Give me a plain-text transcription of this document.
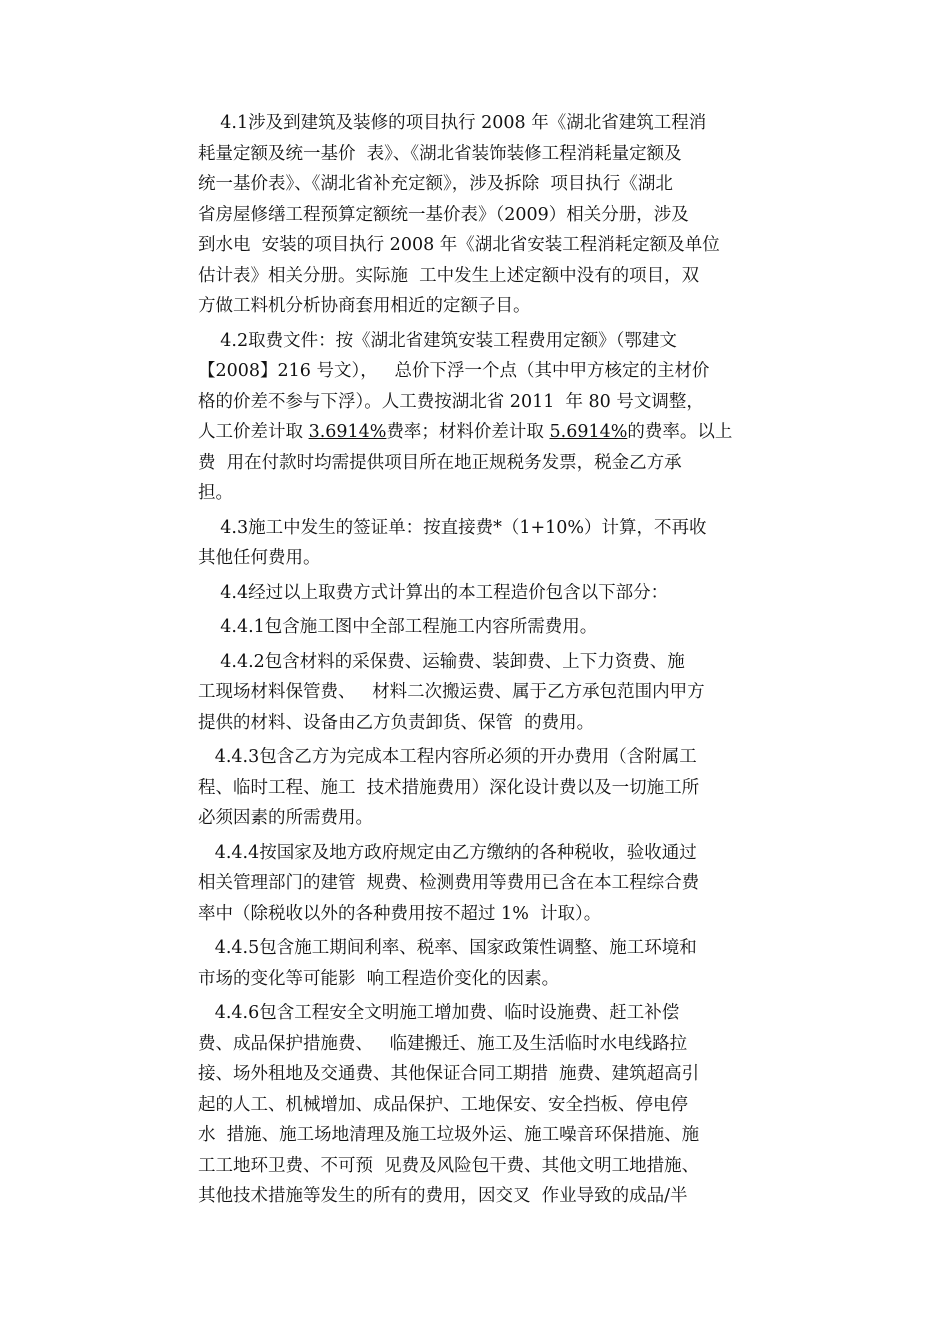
4.1涉及到建筑及装修的项目执行 2008 年《湖北省建筑工程消
耗量定额及统一基价  表》、《湖北省装饰装修工程消耗量定额及
统一基价表》、《湖北省补充定额》，涉及拆除  项目执行《湖北
省房屋修缮工程预算定额统一基价表》（2009）相关分册，涉及
到水电  安装的项目执行 2008 年《湖北省安装工程消耗定额及单位
估计表》相关分册。实际施  工中发生上述定额中没有的项目，双
方做工料机分析协商套用相近的定额子目。
4.2取费文件：按《湖北省建筑安装工程费用定额》（鄂建文
【2008】216 号文），   总价下浮一个点（其中甲方核定的主材价
格的价差不参与下浮）。人工费按湖北省 2011  年 80 号文调整，
人工价差计取 3.6914%费率；材料价差计取 5.6914%的费率。以上
费  用在付款时均需提供项目所在地正规税务发票，税金乙方承
担。
4.3施工中发生的签证单：按直接费*（1+10%）计算，不再收
其他任何费用。
4.4经过以上取费方式计算出的本工程造价包含以下部分：
4.4.1包含施工图中全部工程施工内容所需费用。
4.4.2包含材料的采保费、运输费、装卸费、上下力资费、施
工现场材料保管费、   材料二次搬运费、属于乙方承包范围内甲方
提供的材料、设备由乙方负责卸货、保管  的费用。
4.4.3包含乙方为完成本工程内容所必须的开办费用（含附属工
程、临时工程、施工  技术措施费用）深化设计费以及一切施工所
必须因素的所需费用。
4.4.4按国家及地方政府规定由乙方缴纳的各种税收，验收通过
相关管理部门的建管  规费、检测费用等费用已含在本工程综合费
率中（除税收以外的各种费用按不超过 1%  计取）。
4.4.5包含施工期间利率、税率、国家政策性调整、施工环境和
市场的变化等可能影  响工程造价变化的因素。
4.4.6包含工程安全文明施工增加费、临时设施费、赶工补偿
费、成品保护措施费、   临建搬迁、施工及生活临时水电线路拉
接、场外租地及交通费、其他保证合同工期措  施费、建筑超高引
起的人工、机械增加、成品保护、工地保安、安全挡板、停电停
水  措施、施工场地清理及施工垃圾外运、施工噪音环保措施、施
工工地环卫费、不可预  见费及风险包干费、其他文明工地措施、
其他技术措施等发生的所有的费用，因交叉  作业导致的成品/半
